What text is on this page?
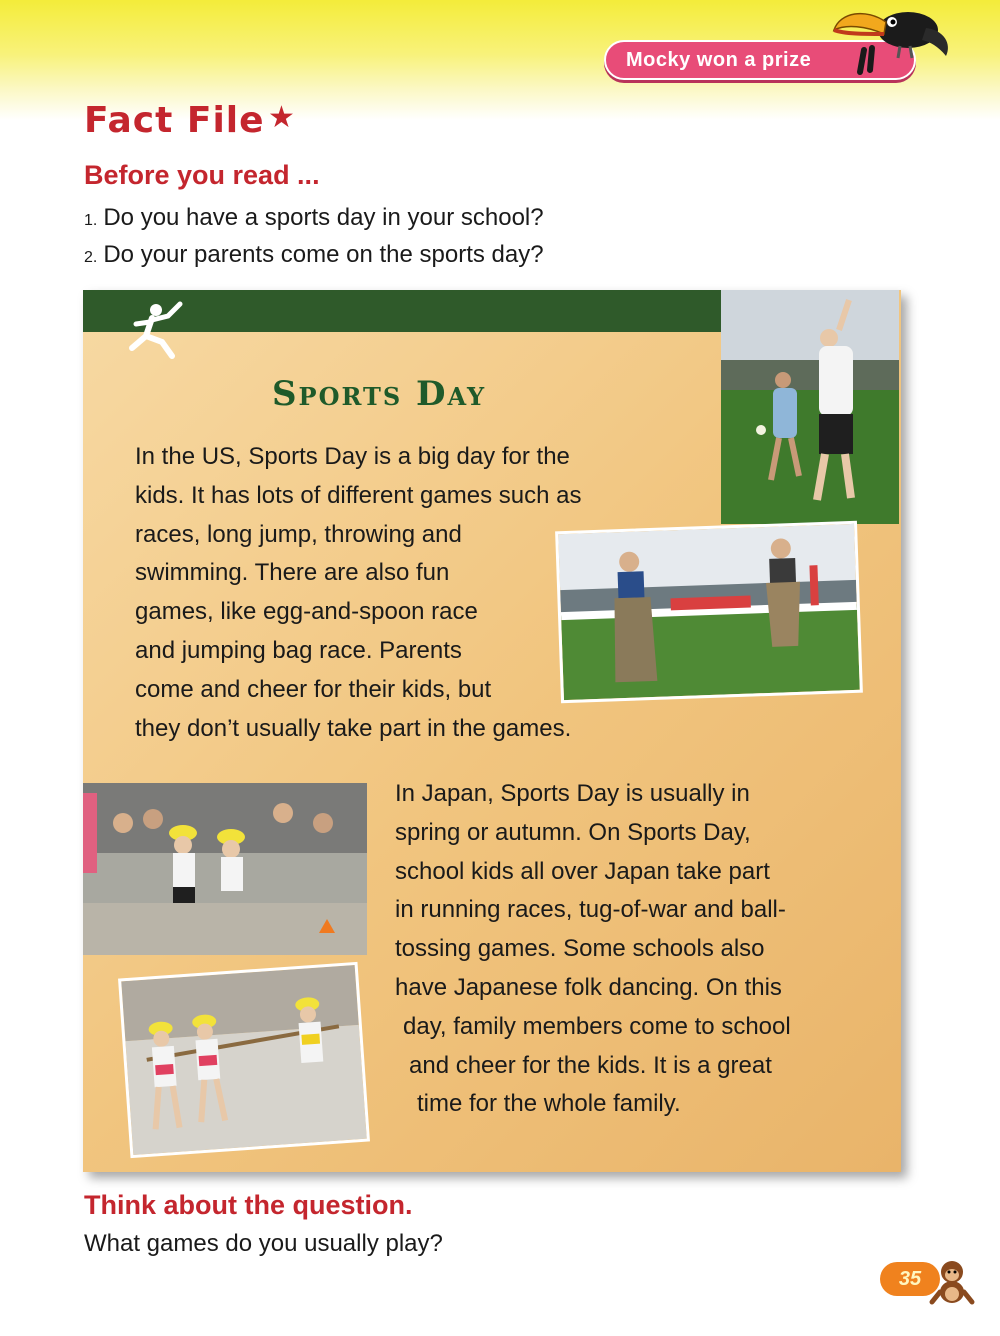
Mocky won a prize
Fact File ★
Before you read ...
1. Do you have a sports day in your school?
2. Do your parents come on the sports day?
Sports Day
In the US, Sports Day is a big day for the
kids. It has lots of different games such as
races, long jump, throwing and
swimming. There are also fun
games, like egg-and-spoon race
and jumping bag race. Parents
come and cheer for their kids, but
they don’t usually take part in the games.
In Japan, Sports Day is usually in
spring or autumn. On Sports Day,
school kids all over Japan take part
in running races, tug-of-war and ball-
tossing games. Some schools also
have Japanese folk dancing. On this
day, family members come to school
and cheer for the kids. It is a great
time for the whole family.
Think about the question.
What games do you usually play?
35
